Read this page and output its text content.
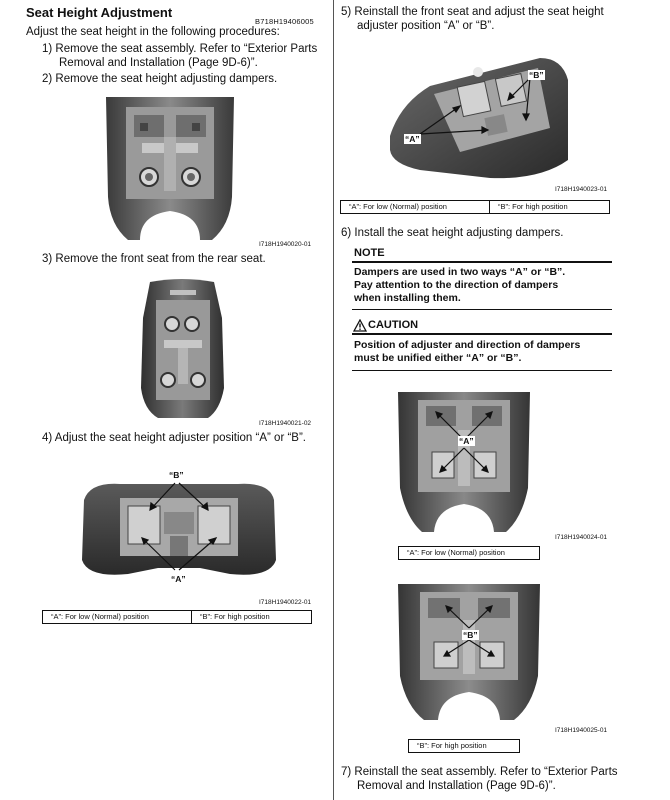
Seat Height Adjustment
B718H19406005
Adjust the seat height in the following procedures:
1) Remove the seat assembly. Refer to “Exterior Parts
Removal and Installation (Page 9D-6)”.
2) Remove the seat height adjusting dampers.
I718H1940020-01
3) Remove the front seat from the rear seat.
I718H1940021-02
4) Adjust the seat height adjuster position “A” or “B”.
“B”
“A”
I718H1940022-01
“A”: For low (Normal) position	“B”: For high position
5) Reinstall the front seat and adjust the seat height
adjuster position “A” or “B”.
“B”
“A”
I718H1940023-01
“A”: For low (Normal) position	“B”: For high position
6) Install the seat height adjusting dampers.
NOTE
Dampers are used in two ways “A” or “B”.
Pay attention to the direction of dampers
when installing them.
CAUTION
Position of adjuster and direction of dampers
must be unified either “A” or “B”.
“A”
I718H1940024-01
“A”: For low (Normal) position
“B”
I718H1940025-01
“B”: For high position
7) Reinstall the seat assembly. Refer to “Exterior Parts
Removal and Installation (Page 9D-6)”.
